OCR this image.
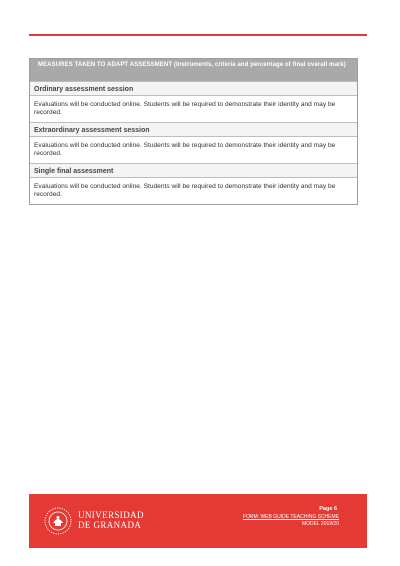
MEASURES TAKEN TO ADAPT ASSESSMENT (Instruments, criteria and percentage of final overall mark)
Ordinary assessment session
Evaluations will be conducted online. Students will be required to demonstrate their identity and may be recorded.
Extraordinary assessment session
Evaluations will be conducted online. Students will be required to demonstrate their identity and may be recorded.
Single final assessment
Evaluations will be conducted online. Students will be required to demonstrate their identity and may be recorded.
UNIVERSIDAD
DE GRANADA
Page 6
FORM: WEB GUIDE TEACHING SCHEME
MODEL 2019/20
